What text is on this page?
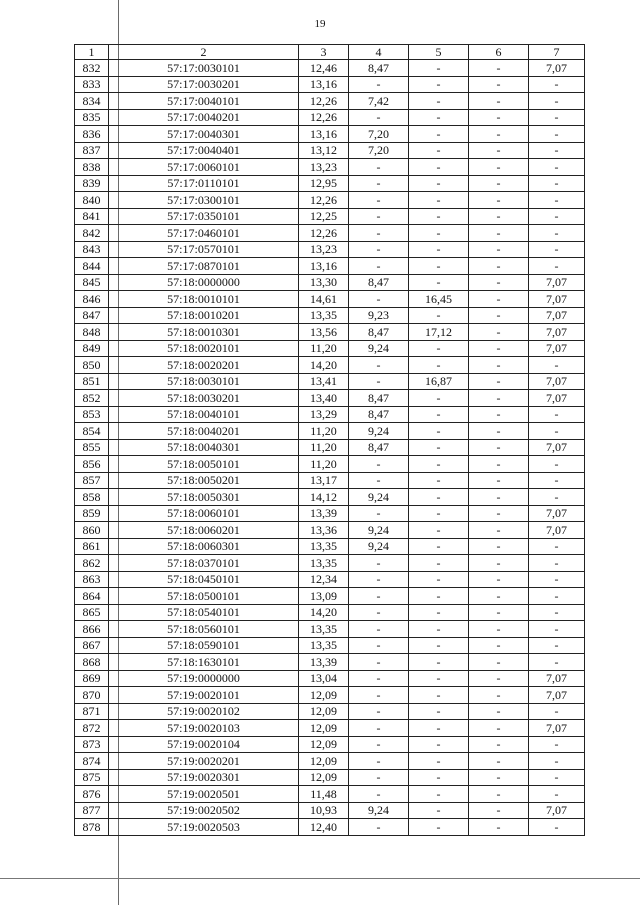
19
1	2	3	4	5	6	7
832	57:17:0030101	12,46	8,47	-	-	7,07
833	57:17:0030201	13,16	-	-	-	-
834	57:17:0040101	12,26	7,42	-	-	-
835	57:17:0040201	12,26	-	-	-	-
836	57:17:0040301	13,16	7,20	-	-	-
837	57:17:0040401	13,12	7,20	-	-	-
838	57:17:0060101	13,23	-	-	-	-
839	57:17:0110101	12,95	-	-	-	-
840	57:17:0300101	12,26	-	-	-	-
841	57:17:0350101	12,25	-	-	-	-
842	57:17:0460101	12,26	-	-	-	-
843	57:17:0570101	13,23	-	-	-	-
844	57:17:0870101	13,16	-	-	-	-
845	57:18:0000000	13,30	8,47	-	-	7,07
846	57:18:0010101	14,61	-	16,45	-	7,07
847	57:18:0010201	13,35	9,23	-	-	7,07
848	57:18:0010301	13,56	8,47	17,12	-	7,07
849	57:18:0020101	11,20	9,24	-	-	7,07
850	57:18:0020201	14,20	-	-	-	-
851	57:18:0030101	13,41	-	16,87	-	7,07
852	57:18:0030201	13,40	8,47	-	-	7,07
853	57:18:0040101	13,29	8,47	-	-	-
854	57:18:0040201	11,20	9,24	-	-	-
855	57:18:0040301	11,20	8,47	-	-	7,07
856	57:18:0050101	11,20	-	-	-	-
857	57:18:0050201	13,17	-	-	-	-
858	57:18:0050301	14,12	9,24	-	-	-
859	57:18:0060101	13,39	-	-	-	7,07
860	57:18:0060201	13,36	9,24	-	-	7,07
861	57:18:0060301	13,35	9,24	-	-	-
862	57:18:0370101	13,35	-	-	-	-
863	57:18:0450101	12,34	-	-	-	-
864	57:18:0500101	13,09	-	-	-	-
865	57:18:0540101	14,20	-	-	-	-
866	57:18:0560101	13,35	-	-	-	-
867	57:18:0590101	13,35	-	-	-	-
868	57:18:1630101	13,39	-	-	-	-
869	57:19:0000000	13,04	-	-	-	7,07
870	57:19:0020101	12,09	-	-	-	7,07
871	57:19:0020102	12,09	-	-	-	-
872	57:19:0020103	12,09	-	-	-	7,07
873	57:19:0020104	12,09	-	-	-	-
874	57:19:0020201	12,09	-	-	-	-
875	57:19:0020301	12,09	-	-	-	-
876	57:19:0020501	11,48	-	-	-	-
877	57:19:0020502	10,93	9,24	-	-	7,07
878	57:19:0020503	12,40	-	-	-	-
